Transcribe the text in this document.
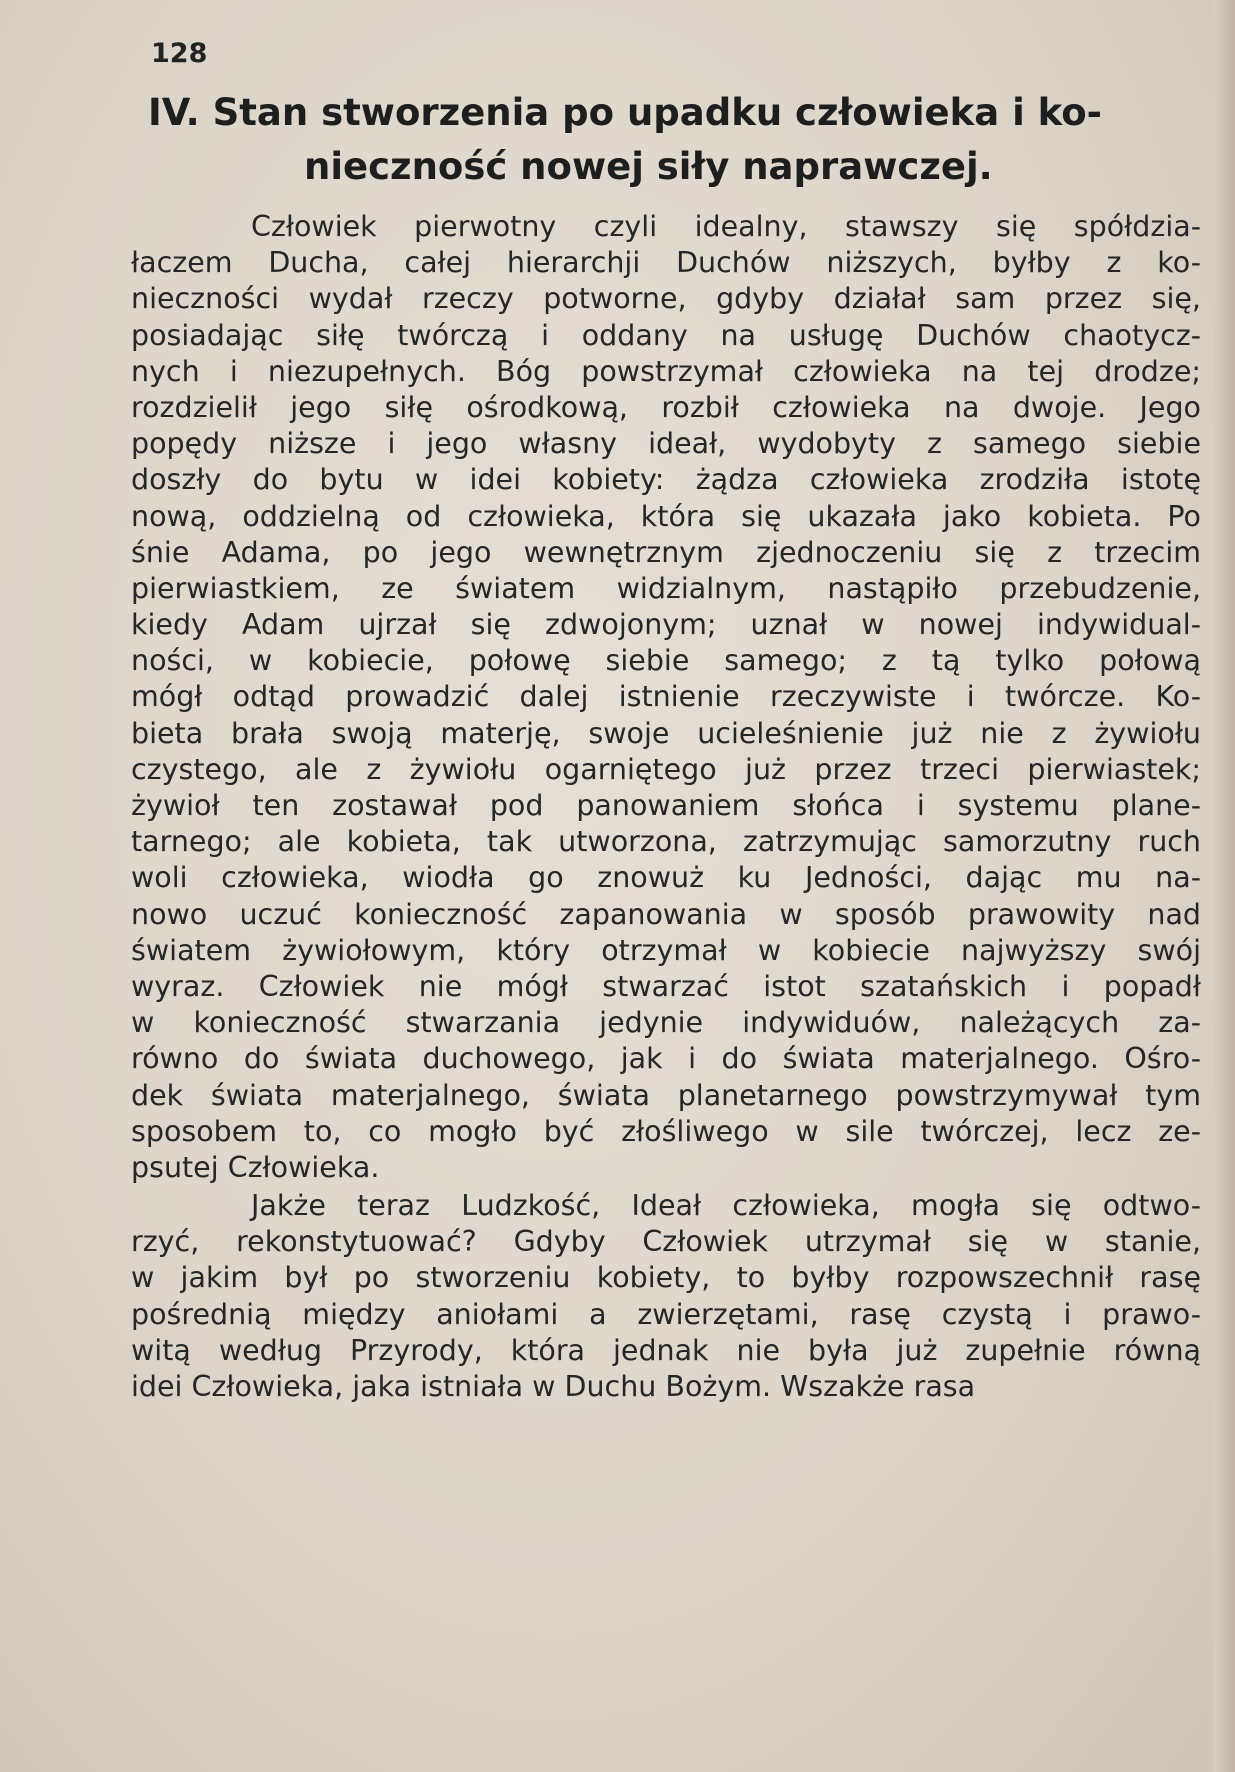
128
IV. Stan stworzenia po upadku człowieka i ko-
nieczność nowej siły naprawczej.
Człowiek pierwotny czyli idealny, stawszy się spółdzia-
łaczem Ducha, całej hierarchji Duchów niższych, byłby z ko-
nieczności wydał rzeczy potworne, gdyby działał sam przez się,
posiadając siłę twórczą i oddany na usługę Duchów chaotycz-
nych i niezupełnych. Bóg powstrzymał człowieka na tej drodze;
rozdzielił jego siłę ośrodkową, rozbił człowieka na dwoje. Jego
popędy niższe i jego własny ideał, wydobyty z samego siebie
doszły do bytu w idei kobiety: żądza człowieka zrodziła istotę
nową, oddzielną od człowieka, która się ukazała jako kobieta. Po
śnie Adama, po jego wewnętrznym zjednoczeniu się z trzecim
pierwiastkiem, ze światem widzialnym, nastąpiło przebudzenie,
kiedy Adam ujrzał się zdwojonym; uznał w nowej indywidual-
ności, w kobiecie, połowę siebie samego; z tą tylko połową
mógł odtąd prowadzić dalej istnienie rzeczywiste i twórcze. Ko-
bieta brała swoją materję, swoje ucieleśnienie już nie z żywiołu
czystego, ale z żywiołu ogarniętego już przez trzeci pierwiastek;
żywioł ten zostawał pod panowaniem słońca i systemu plane-
tarnego; ale kobieta, tak utworzona, zatrzymując samorzutny ruch
woli człowieka, wiodła go znowuż ku Jedności, dając mu na-
nowo uczuć konieczność zapanowania w sposób prawowity nad
światem żywiołowym, który otrzymał w kobiecie najwyższy swój
wyraz. Człowiek nie mógł stwarzać istot szatańskich i popadł
w konieczność stwarzania jedynie indywiduów, należących za-
równo do świata duchowego, jak i do świata materjalnego. Ośro-
dek świata materjalnego, świata planetarnego powstrzymywał tym
sposobem to, co mogło być złośliwego w sile twórczej, lecz ze-
psutej Człowieka.
Jakże teraz Ludzkość, Ideał człowieka, mogła się odtwo-
rzyć, rekonstytuować? Gdyby Człowiek utrzymał się w stanie,
w jakim był po stworzeniu kobiety, to byłby rozpowszechnił rasę
pośrednią między aniołami a zwierzętami, rasę czystą i prawo-
witą według Przyrody, która jednak nie była już zupełnie równą
idei Człowieka, jaka istniała w Duchu Bożym. Wszakże rasa
